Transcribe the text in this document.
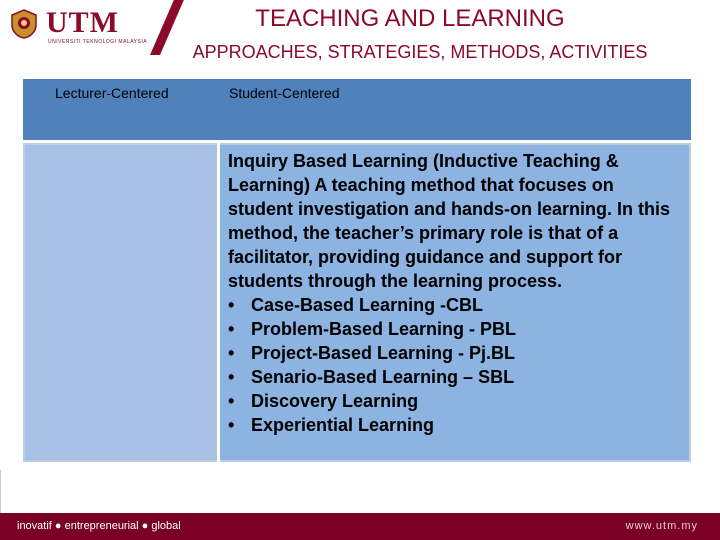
UTM
UNIVERSITI TEKNOLOGI MALAYSIA
TEACHING AND LEARNING
APPROACHES, STRATEGIES, METHODS, ACTIVITIES
Lecturer-Centered	Student-Centered

Inquiry Based Learning (Inductive Teaching & Learning) A teaching method that focuses on student investigation and hands-on learning. In this method, the teacher’s primary role is that of a facilitator, providing guidance and support for students through the learning process.

• Case-Based Learning -CBL
• Problem-Based Learning - PBL
• Project-Based Learning - Pj.BL
• Senario-Based Learning – SBL
• Discovery Learning
• Experiential Learning
inovatif ● entrepreneurial ● global	www.utm.my
